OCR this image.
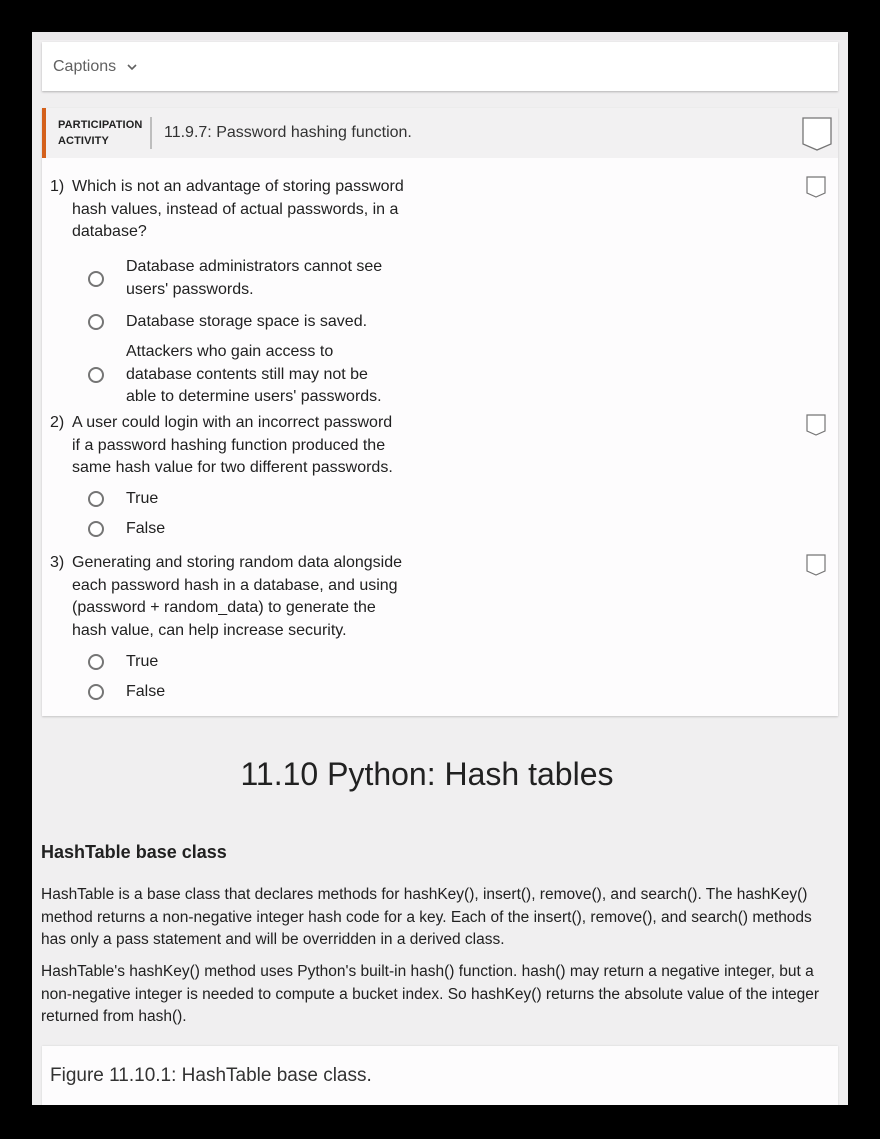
Captions
PARTICIPATION
ACTIVITY	11.9.7: Password hashing function.
1) Which is not an advantage of storing password hash values, instead of actual passwords, in a database?
Database administrators cannot see users' passwords.
Database storage space is saved.
Attackers who gain access to database contents still may not be able to determine users' passwords.
2) A user could login with an incorrect password if a password hashing function produced the same hash value for two different passwords.
True
False
3) Generating and storing random data alongside each password hash in a database, and using (password + random_data) to generate the hash value, can help increase security.
True
False
11.10 Python: Hash tables
HashTable base class
HashTable is a base class that declares methods for hashKey(), insert(), remove(), and search(). The hashKey() method returns a non-negative integer hash code for a key. Each of the insert(), remove(), and search() methods has only a pass statement and will be overridden in a derived class.
HashTable's hashKey() method uses Python's built-in hash() function. hash() may return a negative integer, but a non-negative integer is needed to compute a bucket index. So hashKey() returns the absolute value of the integer returned from hash().
Figure 11.10.1: HashTable base class.
